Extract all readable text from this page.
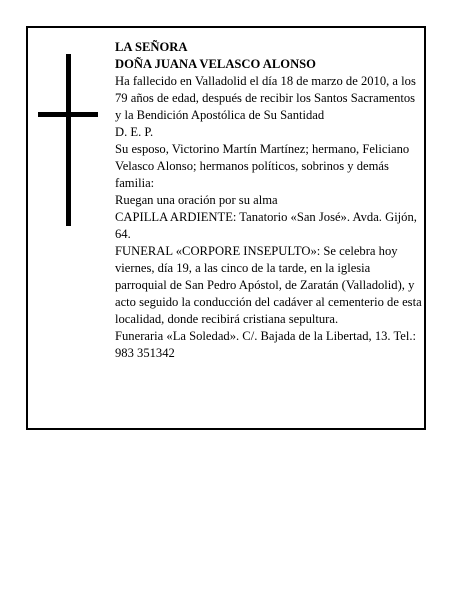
LA SEÑORA

DOÑA JUANA VELASCO ALONSO

Ha fallecido en Valladolid el día 18 de marzo de 2010, a los 79 años de edad, después de recibir los Santos Sacramentos y la Bendición Apostólica de Su Santidad

D. E. P.

Su esposo, Victorino Martín Martínez; hermano, Feliciano Velasco Alonso; hermanos políticos, sobrinos y demás familia:

Ruegan una oración por su alma

CAPILLA ARDIENTE: Tanatorio «San José». Avda. Gijón, 64.

FUNERAL «CORPORE INSEPULTO»: Se celebra hoy viernes, día 19, a las cinco de la tarde, en la iglesia parroquial de San Pedro Apóstol, de Zaratán (Valladolid), y acto seguido la conducción del cadáver al cementerio de esta localidad, donde recibirá cristiana sepultura.

Funeraria «La Soledad». C/. Bajada de la Libertad, 13. Tel.: 983 351342
